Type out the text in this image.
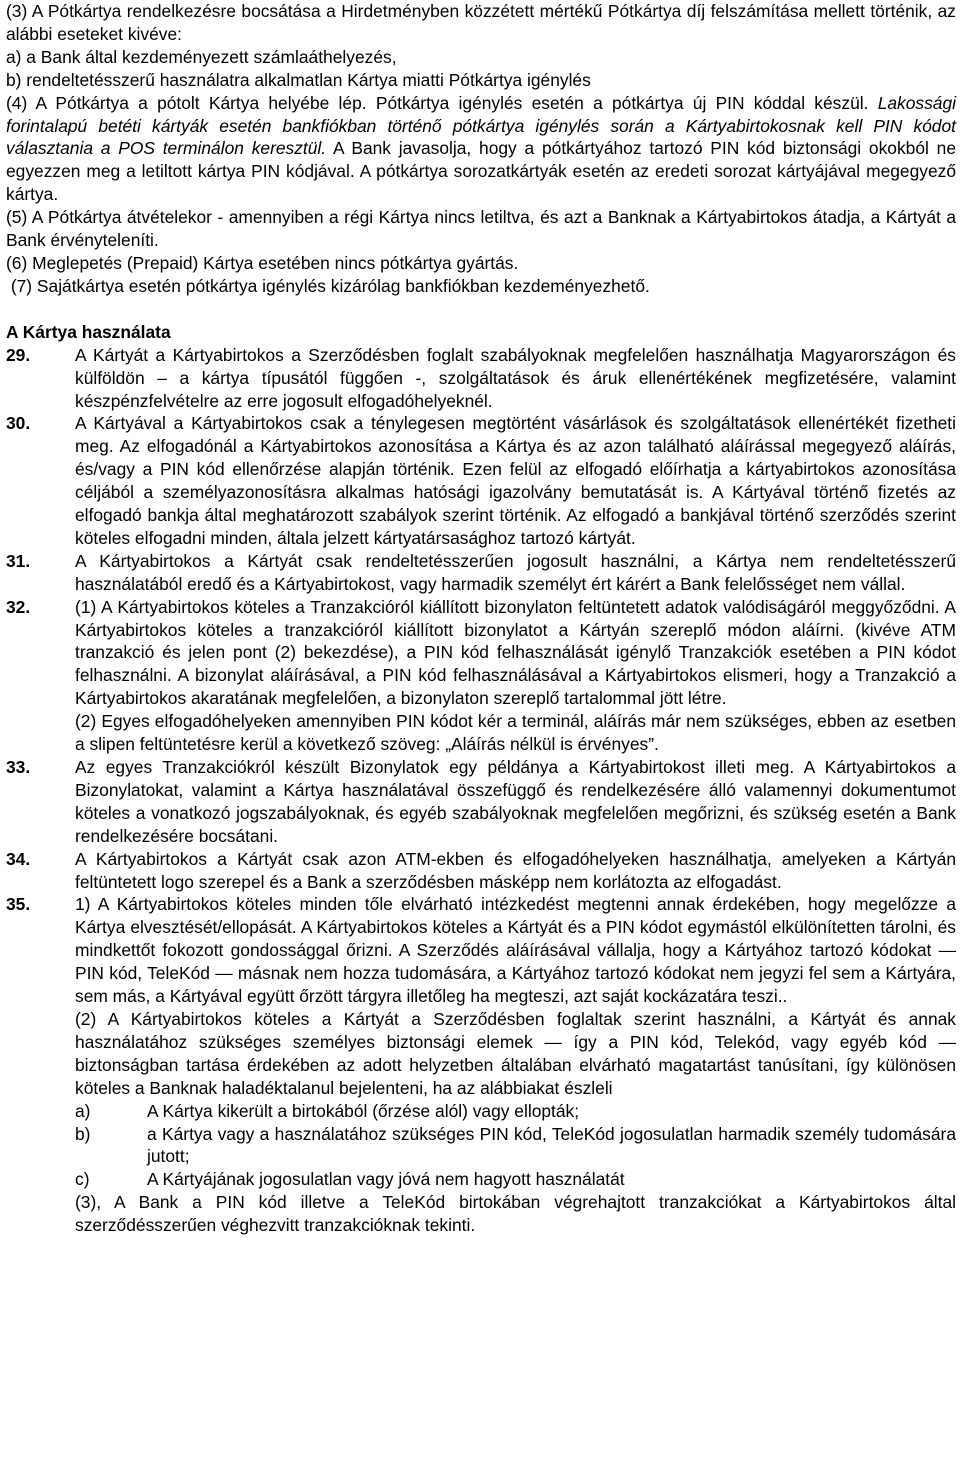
(3) A Pótkártya rendelkezésre bocsátása a Hirdetményben közzétett mértékű Pótkártya díj felszámítása mellett történik, az alábbi eseteket kivéve:

a) a Bank által kezdeményezett számlaáthelyezés,

b) rendeltetésszerű használatra alkalmatlan Kártya miatti Pótkártya igénylés

(4) A Pótkártya a pótolt Kártya helyébe lép. Pótkártya igénylés esetén a pótkártya új PIN kóddal készül. Lakossági forintalapú betéti kártyák esetén bankfiókban történő pótkártya igénylés során a Kártyabirtokosnak kell PIN kódot választania a POS terminálon keresztül. A Bank javasolja, hogy a pótkártyához tartozó PIN kód biztonsági okokból ne egyezzen meg a letiltott kártya PIN kódjával. A pótkártya sorozatkártyák esetén az eredeti sorozat kártyájával megegyező kártya.

(5) A Pótkártya átvételekor - amennyiben a régi Kártya nincs letiltva, és azt a Banknak a Kártyabirtokos átadja, a Kártyát a Bank érvényteleníti.

(6) Meglepetés (Prepaid) Kártya esetében nincs pótkártya gyártás.

(7) Sajátkártya esetén pótkártya igénylés kizárólag bankfiókban kezdeményezhető.

A Kártya használata

29.	A Kártyát a Kártyabirtokos a Szerződésben foglalt szabályoknak megfelelően használhatja Magyarországon és külföldön – a kártya típusától függően -, szolgáltatások és áruk ellenértékének megfizetésére, valamint készpénzfelvételre az erre jogosult elfogadóhelyeknél.

30.	A Kártyával a Kártyabirtokos csak a ténylegesen megtörtént vásárlások és szolgáltatások ellenértékét fizetheti meg. Az elfogadónál a Kártyabirtokos azonosítása a Kártya és az azon található aláírással megegyező aláírás, és/vagy a PIN kód ellenőrzése alapján történik. Ezen felül az elfogadó előírhatja a kártyabirtokos azonosítása céljából a személyazonosításra alkalmas hatósági igazolvány bemutatását is. A Kártyával történő fizetés az elfogadó bankja által meghatározott szabályok szerint történik. Az elfogadó a bankjával történő szerződés szerint köteles elfogadni minden, általa jelzett kártyatársasághoz tartozó kártyát.

31.	A Kártyabirtokos a Kártyát csak rendeltetésszerűen jogosult használni, a Kártya nem rendeltetésszerű használatából eredő és a Kártyabirtokost, vagy harmadik személyt ért kárért a Bank felelősséget nem vállal.

32.	(1) A Kártyabirtokos köteles a Tranzakcióról kiállított bizonylaton feltüntetett adatok valódiságáról meggyőződni. A Kártyabirtokos köteles a tranzakcióról kiállított bizonylatot a Kártyán szereplő módon aláírni. (kivéve ATM tranzakció és jelen pont (2) bekezdése), a PIN kód felhasználását igénylő Tranzakciók esetében a PIN kódot felhasználni. A bizonylat aláírásával, a PIN kód felhasználásával a Kártyabirtokos elismeri, hogy a Tranzakció a Kártyabirtokos akaratának megfelelően, a bizonylaton szereplő tartalommal jött létre.

(2) Egyes elfogadóhelyeken amennyiben PIN kódot kér a terminál, aláírás már nem szükséges, ebben az esetben a slipen feltüntetésre kerül a következő szöveg: „Aláírás nélkül is érvényes”.

33.	Az egyes Tranzakciókról készült Bizonylatok egy példánya a Kártyabirtokost illeti meg. A Kártyabirtokos a Bizonylatokat, valamint a Kártya használatával összefüggő és rendelkezésére álló valamennyi dokumentumot köteles a vonatkozó jogszabályoknak, és egyéb szabályoknak megfelelően megőrizni, és szükség esetén a Bank rendelkezésére bocsátani.

34.	A Kártyabirtokos a Kártyát csak azon ATM-ekben és elfogadóhelyeken használhatja, amelyeken a Kártyán feltüntetett logo szerepel és a Bank a szerződésben másképp nem korlátozta az elfogadást.

35.	1) A Kártyabirtokos köteles minden tőle elvárható intézkedést megtenni annak érdekében, hogy megelőzze a Kártya elvesztését/ellopását. A Kártyabirtokos köteles a Kártyát és a PIN kódot egymástól elkülönítetten tárolni, és mindkettőt fokozott gondossággal őrizni. A Szerződés aláírásával vállalja, hogy a Kártyához tartozó kódokat — PIN kód, TeleKód — másnak nem hozza tudomására, a Kártyához tartozó kódokat nem jegyzi fel sem a Kártyára, sem más, a Kártyával együtt őrzött tárgyra illetőleg ha megteszi, azt saját kockázatára teszi..

(2) A Kártyabirtokos köteles a Kártyát a Szerződésben foglaltak szerint használni, a Kártyát és annak használatához szükséges személyes biztonsági elemek — így a PIN kód, Telekód, vagy egyéb kód — biztonságban tartása érdekében az adott helyzetben általában elvárható magatartást tanúsítani, így különösen köteles a Banknak haladéktalanul bejelenteni, ha az alábbiakat észleli

a)	A Kártya kikerült a birtokából (őrzése alól) vagy ellopták;

b)	a Kártya vagy a használatához szükséges PIN kód, TeleKód jogosulatlan harmadik személy tudomására jutott;

c)	A Kártyájának jogosulatlan vagy jóvá nem hagyott használatát

(3), A Bank a PIN kód illetve a TeleKód birtokában végrehajtott tranzakciókat a Kártyabirtokos által szerződésszerűen véghezvitt tranzakcióknak tekinti.
